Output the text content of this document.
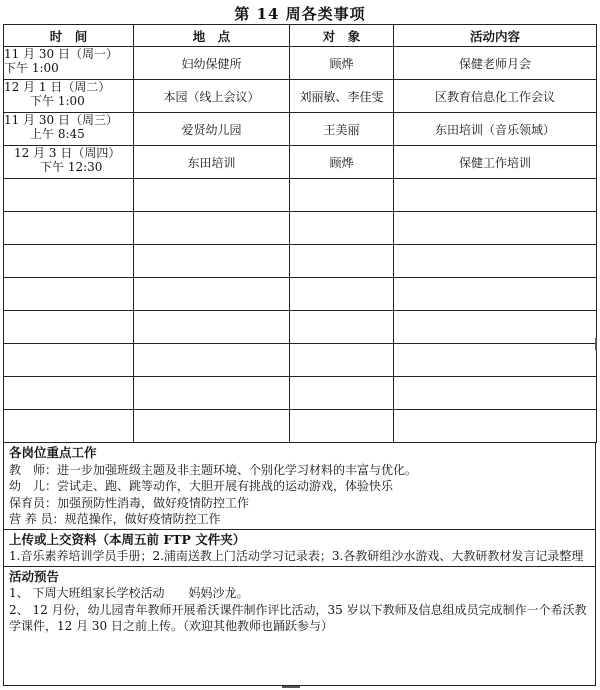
第 14 周各类事项
时　间	地　点	对　象	活动内容
11 月 30 日（周一）
下午 1:00	妇幼保健所	顾烨	保健老师月会
12 月 1 日（周二）
下午 1:00	本园（线上会议）	刘丽敏、李佳雯	区教育信息化工作会议
11 月 30 日（周三）
上午 8:45	爱贤幼儿园	王美丽	东田培训（音乐领域）
12 月 3 日（周四）
下午 12:30	东田培训	顾烨	保健工作培训

各岗位重点工作
教　师：进一步加强班级主题及非主题环境、个别化学习材料的丰富与优化。
幼　儿：尝试走、跑、跳等动作，大胆开展有挑战的运动游戏，体验快乐
保育员：加强预防性消毒，做好疫情防控工作
营 养 员：规范操作，做好疫情防控工作
上传或上交资料（本周五前 FTP 文件夹）
1.音乐素养培训学员手册；2.浦南送教上门活动学习记录表；3.各教研组沙水游戏、大教研教材发言记录整理
活动预告
1、 下周大班组家长学校活动　　妈妈沙龙。
2、 12 月份，幼儿园青年教师开展希沃课件制作评比活动，35 岁以下教师及信息组成员完成制作一个希沃教学课件，12 月 30 日之前上传。（欢迎其他教师也踊跃参与）
